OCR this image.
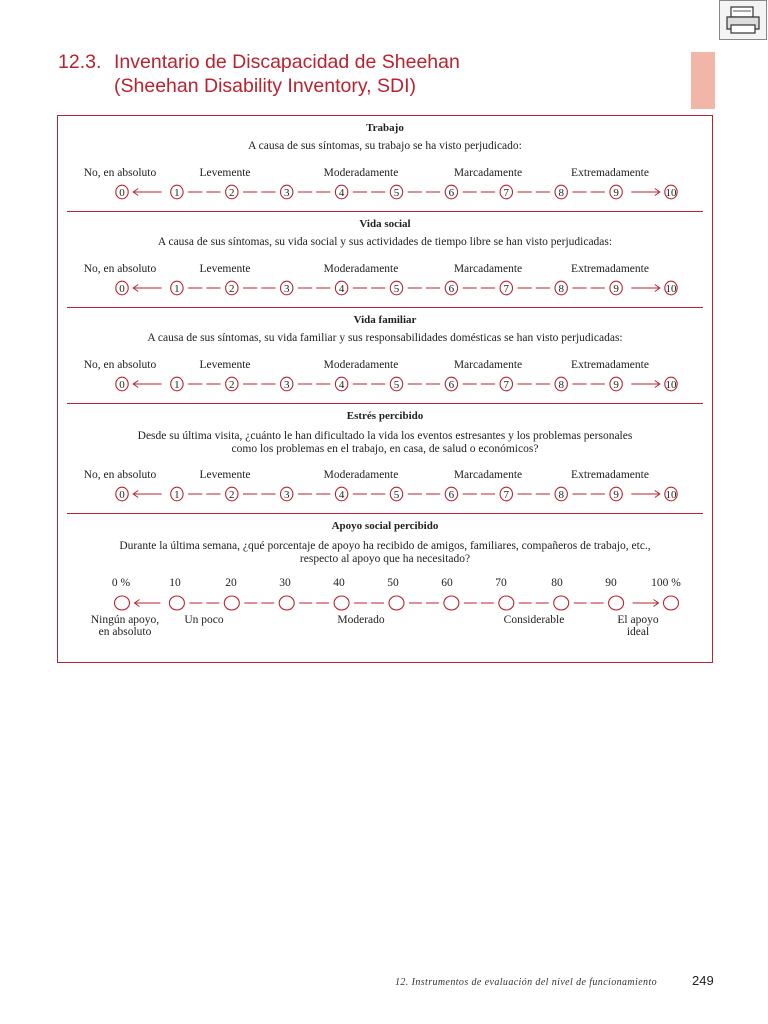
12.3. Inventario de Discapacidad de Sheehan
(Sheehan Disability Inventory, SDI)
Trabajo
A causa de sus síntomas, su trabajo se ha visto perjudicado:
No, en absoluto	Levemente	Moderadamente	Marcadamente	Extremadamente
0	1	2	3	4	5	6	7	8	9	10
Vida social
A causa de sus síntomas, su vida social y sus actividades de tiempo libre se han visto perjudicadas:
No, en absoluto	Levemente	Moderadamente	Marcadamente	Extremadamente
0	1	2	3	4	5	6	7	8	9	10
Vida familiar
A causa de sus síntomas, su vida familiar y sus responsabilidades domésticas se han visto perjudicadas:
No, en absoluto	Levemente	Moderadamente	Marcadamente	Extremadamente
0	1	2	3	4	5	6	7	8	9	10
Estrés percibido
Desde su última visita, ¿cuánto le han dificultado la vida los eventos estresantes y los problemas personales
como los problemas en el trabajo, en casa, de salud o económicos?
No, en absoluto	Levemente	Moderadamente	Marcadamente	Extremadamente
0	1	2	3	4	5	6	7	8	9	10
Apoyo social percibido
Durante la última semana, ¿qué porcentaje de apoyo ha recibido de amigos, familiares, compañeros de trabajo, etc.,
respecto al apoyo que ha necesitado?
0 %	10	20	30	40	50	60	70	80	90	100 %
Ningún apoyo,
en absoluto
Un poco	Moderado	Considerable	El apoyo
ideal
12. Instrumentos de evaluación del nivel de funcionamiento	249
